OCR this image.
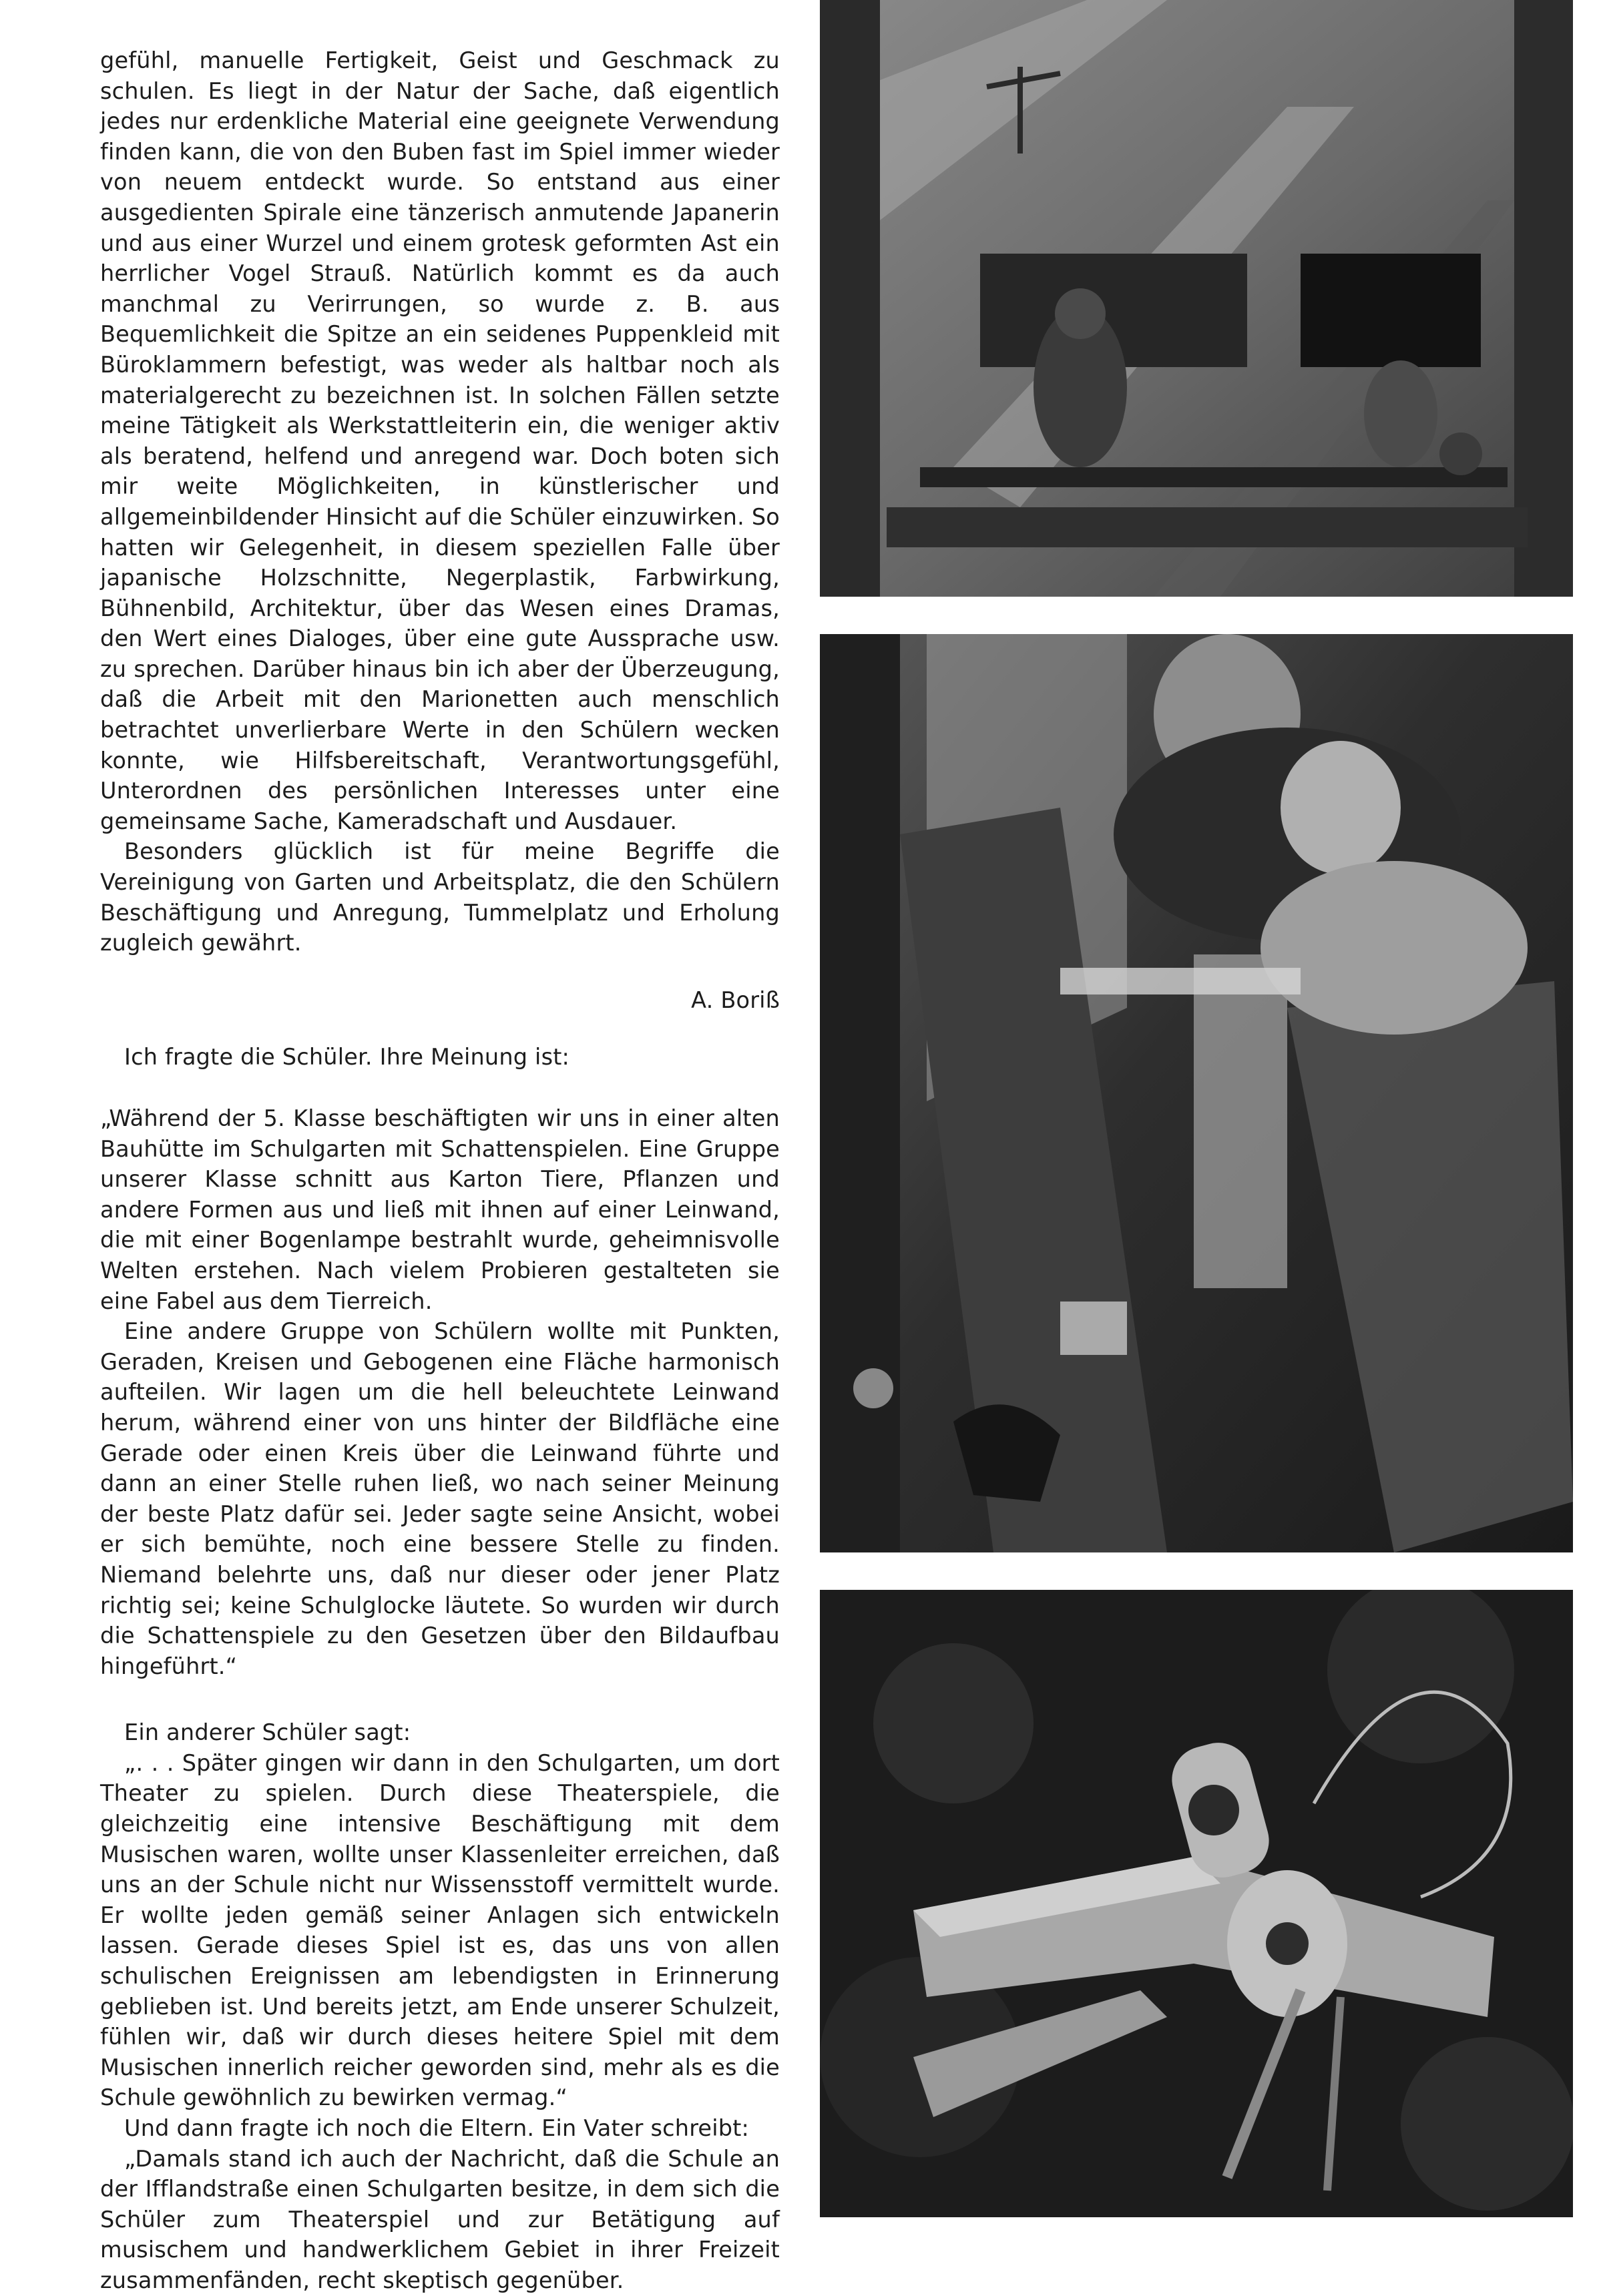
gefühl, manuelle Fertigkeit, Geist und Geschmack zu schulen. Es liegt in der Natur der Sache, daß eigentlich jedes nur erdenkliche Material eine geeignete Verwendung finden kann, die von den Buben fast im Spiel immer wieder von neuem entdeckt wurde. So entstand aus einer ausgedienten Spirale eine tänzerisch anmutende Japanerin und aus einer Wurzel und einem grotesk geformten Ast ein herrlicher Vogel Strauß. Natürlich kommt es da auch manchmal zu Verirrungen, so wurde z. B. aus Bequemlichkeit die Spitze an ein seidenes Puppenkleid mit Büroklammern befestigt, was weder als haltbar noch als materialgerecht zu bezeichnen ist. In solchen Fällen setzte meine Tätigkeit als Werkstattleiterin ein, die weniger aktiv als beratend, helfend und anregend war. Doch boten sich mir weite Möglichkeiten, in künstlerischer und allgemeinbildender Hinsicht auf die Schüler einzuwirken. So hatten wir Gelegenheit, in diesem speziellen Falle über japanische Holzschnitte, Negerplastik, Farbwirkung, Bühnenbild, Architektur, über das Wesen eines Dramas, den Wert eines Dialoges, über eine gute Aussprache usw. zu sprechen. Darüber hinaus bin ich aber der Überzeugung, daß die Arbeit mit den Marionetten auch menschlich betrachtet unverlierbare Werte in den Schülern wecken konnte, wie Hilfsbereitschaft, Verantwortungsgefühl, Unterordnen des persönlichen Interesses unter eine gemeinsame Sache, Kameradschaft und Ausdauer.

Besonders glücklich ist für meine Begriffe die Vereinigung von Garten und Arbeitsplatz, die den Schülern Beschäftigung und Anregung, Tummelplatz und Erholung zugleich gewährt.

A. Boriß

Ich fragte die Schüler. Ihre Meinung ist:

„Während der 5. Klasse beschäftigten wir uns in einer alten Bauhütte im Schulgarten mit Schattenspielen. Eine Gruppe unserer Klasse schnitt aus Karton Tiere, Pflanzen und andere Formen aus und ließ mit ihnen auf einer Leinwand, die mit einer Bogenlampe bestrahlt wurde, geheimnisvolle Welten erstehen. Nach vielem Probieren gestalteten sie eine Fabel aus dem Tierreich.

Eine andere Gruppe von Schülern wollte mit Punkten, Geraden, Kreisen und Gebogenen eine Fläche harmonisch aufteilen. Wir lagen um die hell beleuchtete Leinwand herum, während einer von uns hinter der Bildfläche eine Gerade oder einen Kreis über die Leinwand führte und dann an einer Stelle ruhen ließ, wo nach seiner Meinung der beste Platz dafür sei. Jeder sagte seine Ansicht, wobei er sich bemühte, noch eine bessere Stelle zu finden. Niemand belehrte uns, daß nur dieser oder jener Platz richtig sei; keine Schulglocke läutete. So wurden wir durch die Schattenspiele zu den Gesetzen über den Bildaufbau hingeführt.“

Ein anderer Schüler sagt:

„. . . Später gingen wir dann in den Schulgarten, um dort Theater zu spielen. Durch diese Theaterspiele, die gleichzeitig eine intensive Beschäftigung mit dem Musischen waren, wollte unser Klassenleiter erreichen, daß uns an der Schule nicht nur Wissensstoff vermittelt wurde. Er wollte jeden gemäß seiner Anlagen sich entwickeln lassen. Gerade dieses Spiel ist es, das uns von allen schulischen Ereignissen am lebendigsten in Erinnerung geblieben ist. Und bereits jetzt, am Ende unserer Schulzeit, fühlen wir, daß wir durch dieses heitere Spiel mit dem Musischen innerlich reicher geworden sind, mehr als es die Schule gewöhnlich zu bewirken vermag.“

Und dann fragte ich noch die Eltern. Ein Vater schreibt:

„Damals stand ich auch der Nachricht, daß die Schule an der Ifflandstraße einen Schulgarten besitze, in dem sich die Schüler zum Theaterspiel und zur Betätigung auf musischem und handwerklichem Gebiet in ihrer Freizeit zusammenfänden, recht skeptisch gegenüber.
